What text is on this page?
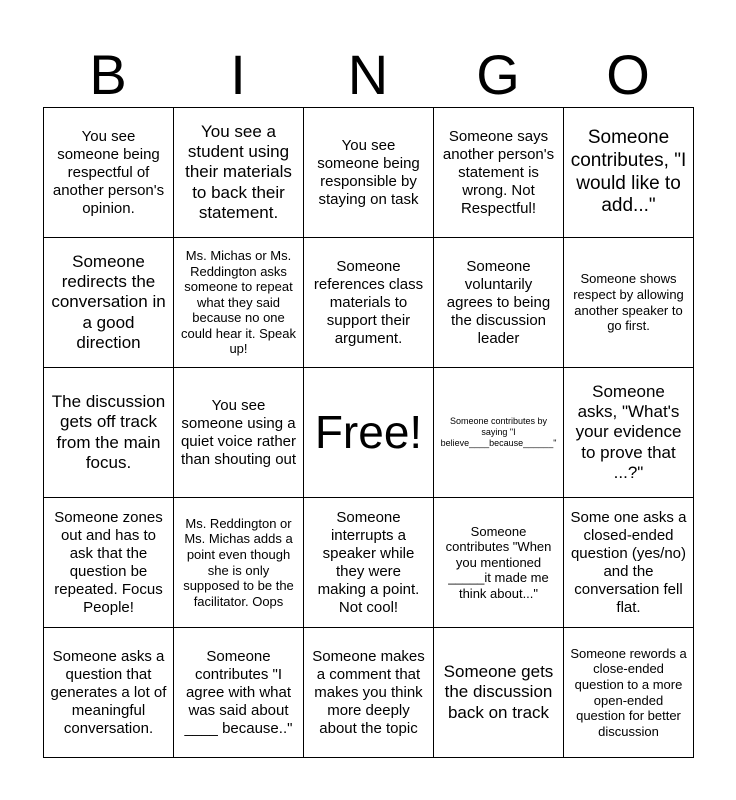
B	I	N	G	O
You see someone being respectful of another person's opinion.	You see a student using their materials to back their statement.	You see someone being responsible by staying on task	Someone says another person's statement is wrong. Not Respectful!	Someone contributes, "I would like to add..."
Someone redirects the conversation in a good direction	Ms. Michas or Ms. Reddington asks someone to repeat what they said because no one could hear it. Speak up!	Someone references class materials to support their argument.	Someone voluntarily agrees to being the discussion leader	Someone shows respect by allowing another speaker to go first.
The discussion gets off track from the main focus.	You see someone using a quiet voice rather than shouting out	Free!	Someone contributes by saying "I believe____because______"	Someone asks, "What's your evidence to prove that ...?"
Someone zones out and has to ask that the question be repeated. Focus People!	Ms. Reddington or Ms. Michas adds a point even though she is only supposed to be the facilitator. Oops	Someone interrupts a speaker while they were making a point. Not cool!	Someone contributes "When you mentioned _____it made me think about..."	Some one asks a closed-ended question (yes/no) and the conversation fell flat.
Someone asks a question that generates a lot of meaningful conversation.	Someone contributes "I agree with what was said about ____ because.."	Someone makes a comment that makes you think more deeply about the topic	Someone gets the discussion back on track	Someone rewords a close-ended question to a more open-ended question for better discussion
